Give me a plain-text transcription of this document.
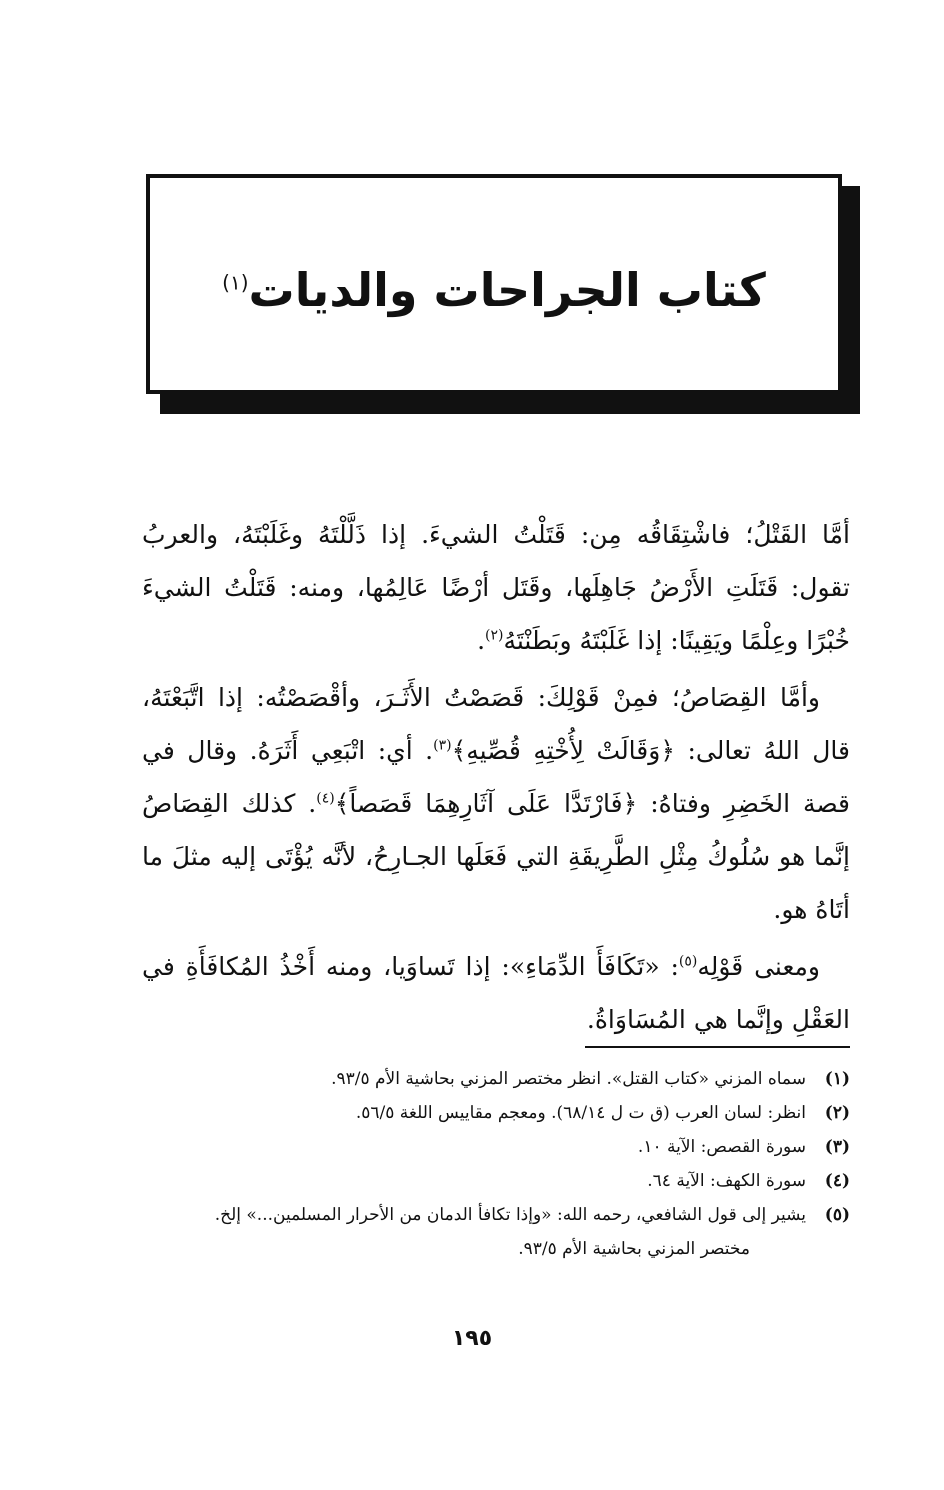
كتاب الجراحات والديات$^{(١)}$

أمَّا القَتْلُ؛ فاشْتِقَاقُه مِن: قَتَلْتُ الشيءَ. إذا ذَلَّلْتَهُ وغَلَبْتَهُ، والعربُ تقول: قَتَلَتِ الأَرْضُ جَاهِلَها، وقَتَل أرْضًا عَالِمُها، ومنه: قَتَلْتُ الشيءَ خُبْرًا وعِلْمًا ويَقِينًا: إذا غَلَبْتَهُ وبَطَنْتَهُ$^{(٢)}$.

وأمَّا القِصَاصُ؛ فمِنْ قَوْلِكَ: قَصَصْتُ الأَثَـرَ، وأقْصَصْتُه: إذا اتَّبَعْتَهُ، قال اللهُ تعالى: ﴿وَقَالَتْ لِأُخْتِهِ قُصِّيهِ﴾$^{(٣)}$. أي: اتْبَعِي أَثَرَهُ. وقال في قصة الخَضِرِ وفتاهُ: ﴿فَارْتَدَّا عَلَى آثَارِهِمَا قَصَصاً﴾$^{(٤)}$. كذلك القِصَاصُ إنَّما هو سُلُوكُ مِثْلِ الطَّرِيقَةِ التي فَعَلَها الجـارِحُ، لأنَّه يُؤْتَى إليه مثلَ ما أتَاهُ هو.

ومعنى قَوْلِه$^{(٥)}$: «تَكَافَأَ الدِّمَاءِ»: إذا تَساوَيا، ومنه أَخْذُ المُكافَأَةِ في العَقْلِ وإنَّما هي المُسَاوَاةُ.

(١)
سماه المزني «كتاب القتل». انظر مختصر المزني بحاشية الأم ٩٣/٥.
(٢)
انظر: لسان العرب (ق ت ل ٦٨/١٤). ومعجم مقاييس اللغة ٥٦/٥.
(٣)
سورة القصص: الآية ١٠.
(٤)
سورة الكهف: الآية ٦٤.
(٥)
يشير إلى قول الشافعي، رحمه الله: «وإذا تكافأ الدمان من الأحرار المسلمين...» إلخ.
مختصر المزني بحاشية الأم ٩٣/٥.
١٩٥
